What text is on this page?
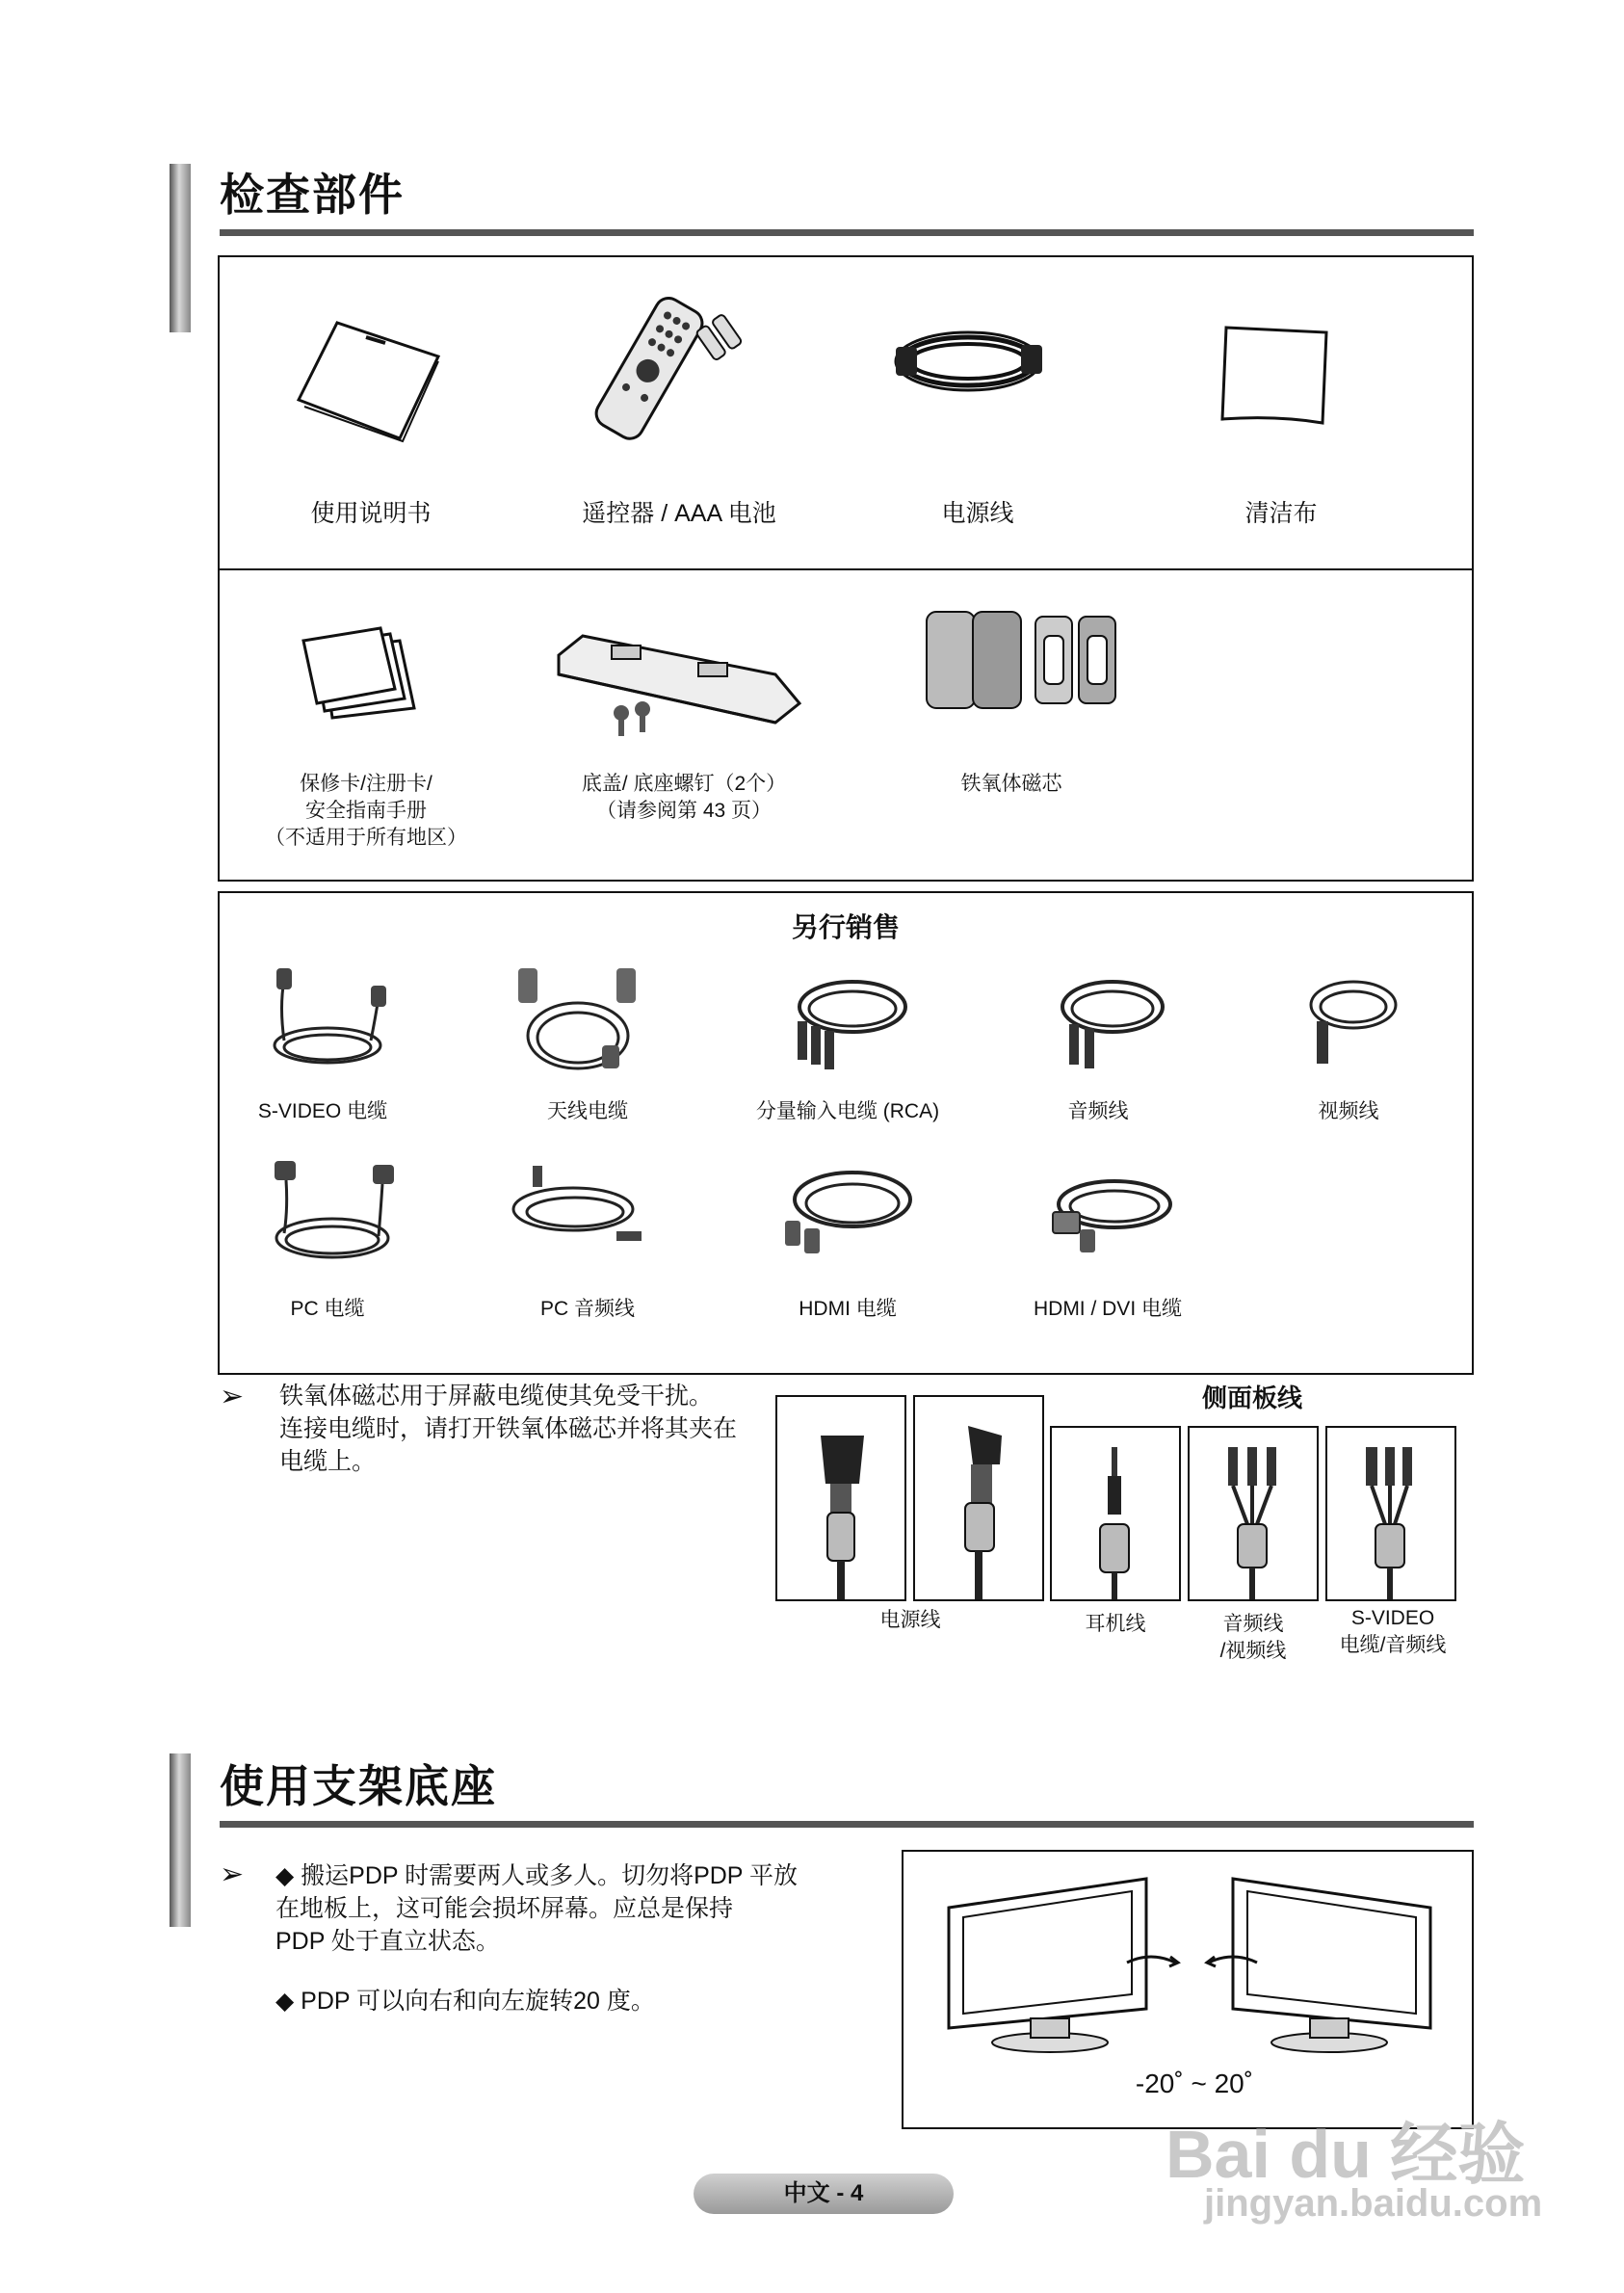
检查部件
使用说明书	遥控器 / AAA 电池	电源线	清洁布
保修卡/注册卡/
安全指南手册
（不适用于所有地区）
底盖/ 底座螺钉（2个）
（请参阅第 43 页）
铁氧体磁芯
另行销售
S-VIDEO 电缆	天线电缆	分量输入电缆 (RCA)	音频线	视频线
PC 电缆	PC 音频线	HDMI 电缆	HDMI / DVI 电缆
➢ 铁氧体磁芯用于屏蔽电缆使其免受干扰。
连接电缆时，请打开铁氧体磁芯并将其夹在
电缆上。
侧面板线
电源线	耳机线	音频线
/视频线
S-VIDEO
电缆/音频线
使用支架底座
➢ ◆ 搬运PDP 时需要两人或多人。切勿将PDP 平放
在地板上，这可能会损坏屏幕。应总是保持
PDP 处于直立状态。
◆ PDP 可以向右和向左旋转20 度。
-20˚ ~ 20˚
中文 - 4
Bai du 经验
jingyan.baidu.com
